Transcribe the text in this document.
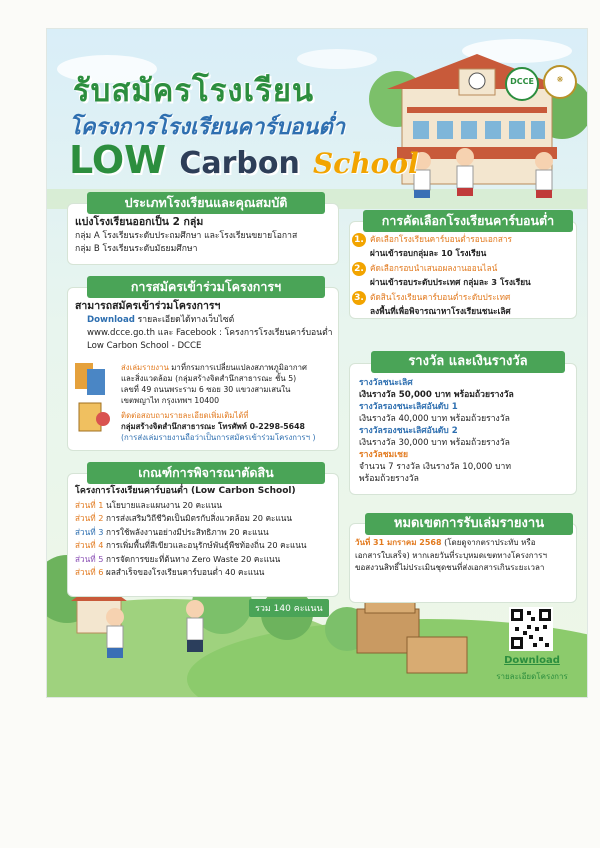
DCCE	❋
รับสมัครโรงเรียน
โครงการโรงเรียนคาร์บอนต่ำ
LOW Carbon School
ประเภทโรงเรียนและคุณสมบัติ
แบ่งโรงเรียนออกเป็น 2 กลุ่ม
กลุ่ม A โรงเรียนระดับประถมศึกษา และโรงเรียนขยายโอกาส
กลุ่ม B โรงเรียนระดับมัธยมศึกษา
การสมัครเข้าร่วมโครงการฯ
สามารถสมัครเข้าร่วมโครงการฯ
Download รายละเอียดได้ทางเว็บไซต์
www.dcce.go.th และ Facebook : โครงการโรงเรียนคาร์บอนต่ำ
Low Carbon School - DCCE
ส่งเล่มรายงาน มาที่กรมการเปลี่ยนแปลงสภาพภูมิอากาศ
และสิ่งแวดล้อม (กลุ่มสร้างจิตสำนึกสาธารณะ ชั้น 5)
เลขที่ 49 ถนนพระราม 6 ซอย 30 แขวงสามเสนใน
เขตพญาไท กรุงเทพฯ 10400
ติดต่อสอบถามรายละเอียดเพิ่มเติมได้ที่
กลุ่มสร้างจิตสำนึกสาธารณะ โทรศัพท์ 0-2298-5648
(การส่งเล่มรายงานถือว่าเป็นการสมัครเข้าร่วมโครงการฯ )
เกณฑ์การพิจารณาตัดสิน
โครงการโรงเรียนคาร์บอนต่ำ (Low Carbon School)
ส่วนที่ 1 นโยบายและแผนงาน 20 คะแนน
ส่วนที่ 2 การส่งเสริมวิถีชีวิตเป็นมิตรกับสิ่งแวดล้อม 20 คะแนน
ส่วนที่ 3 การใช้พลังงานอย่างมีประสิทธิภาพ 20 คะแนน
ส่วนที่ 4 การเพิ่มพื้นที่สีเขียวและอนุรักษ์พันธุ์พืชท้องถิ่น 20 คะแนน
ส่วนที่ 5 การจัดการขยะที่ต้นทาง Zero Waste 20 คะแนน
ส่วนที่ 6 ผลสำเร็จของโรงเรียนคาร์บอนต่ำ 40 คะแนน
รวม 140 คะแนน
การคัดเลือกโรงเรียนคาร์บอนต่ำ
1. คัดเลือกโรงเรียนคาร์บอนต่ำรอบเอกสาร
ผ่านเข้ารอบกลุ่มละ 10 โรงเรียน
2. คัดเลือกรอบนำเสนอผลงานออนไลน์
ผ่านเข้ารอบระดับประเทศ กลุ่มละ 3 โรงเรียน
3. ตัดสินโรงเรียนคาร์บอนต่ำระดับประเทศ
ลงพื้นที่เพื่อพิจารณาหาโรงเรียนชนะเลิศ
รางวัล และเงินรางวัล
รางวัลชนะเลิศ
เงินรางวัล 50,000 บาท พร้อมถ้วยรางวัล
รางวัลรองชนะเลิศอันดับ 1
เงินรางวัล 40,000 บาท พร้อมถ้วยรางวัล
รางวัลรองชนะเลิศอันดับ 2
เงินรางวัล 30,000 บาท พร้อมถ้วยรางวัล
รางวัลชมเชย
จำนวน 7 รางวัล เงินรางวัล 10,000 บาท
พร้อมถ้วยรางวัล
หมดเขตการรับเล่มรายงาน
วันที่ 31 มกราคม 2568 (โดยดูจากตราประทับ หรือ
เอกสารใบเสร็จ) หากเลยวันที่ระบุหมดเขตทางโครงการฯ
ขอสงวนสิทธิ์ไม่ประเมินชุดชนที่ส่งเอกสารเกินระยะเวลา
Download
รายละเอียดโครงการ
